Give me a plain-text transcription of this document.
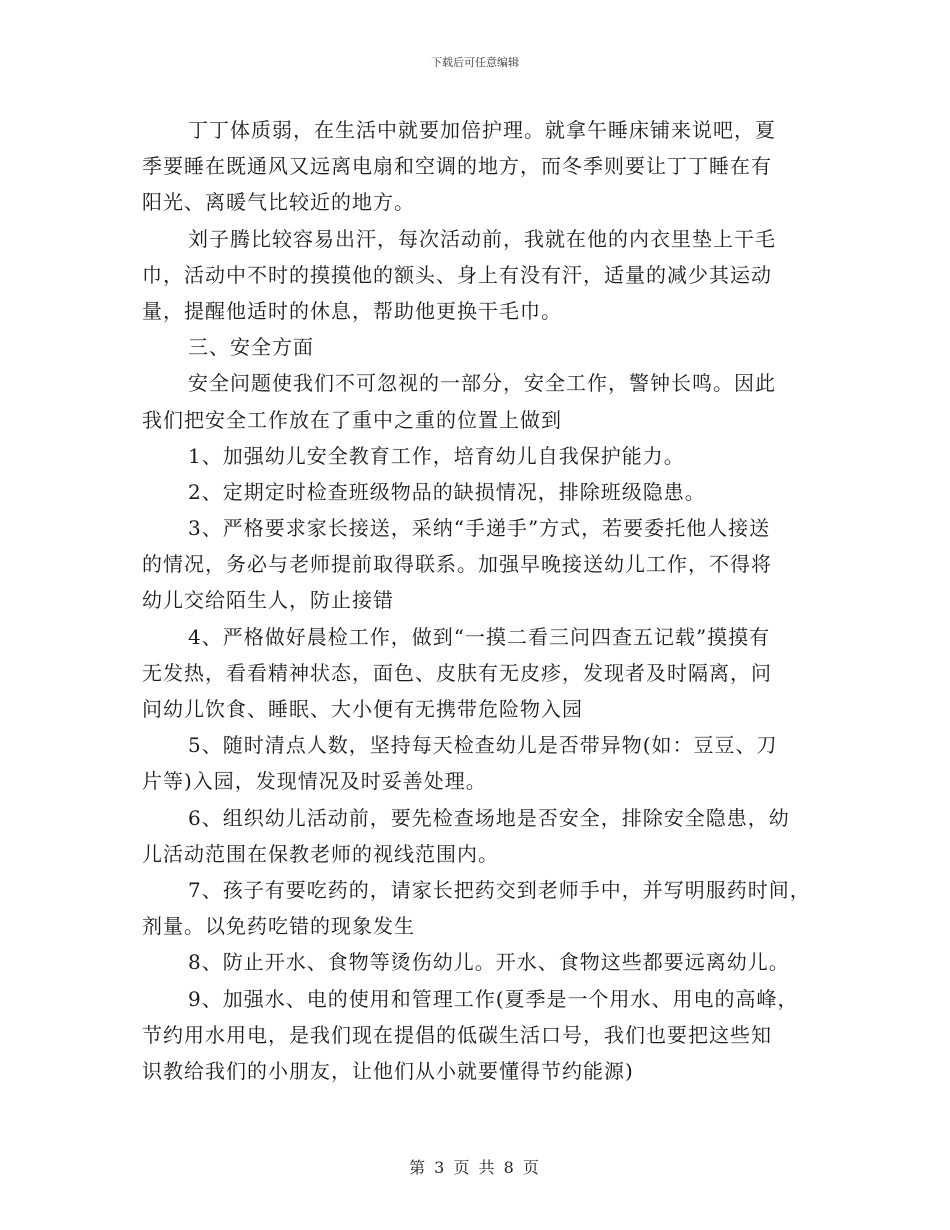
下载后可任意编辑
丁丁体质弱，在生活中就要加倍护理。就拿午睡床铺来说吧，夏
季要睡在既通风又远离电扇和空调的地方，而冬季则要让丁丁睡在有
阳光、离暖气比较近的地方。
刘子腾比较容易出汗，每次活动前，我就在他的内衣里垫上干毛
巾，活动中不时的摸摸他的额头、身上有没有汗，适量的减少其运动
量，提醒他适时的休息，帮助他更换干毛巾。
三、安全方面
安全问题使我们不可忽视的一部分，安全工作，警钟长鸣。因此
我们把安全工作放在了重中之重的位置上做到
1、加强幼儿安全教育工作，培育幼儿自我保护能力。
2、定期定时检查班级物品的缺损情况，排除班级隐患。
3、严格要求家长接送，采纳“手递手”方式，若要委托他人接送
的情况，务必与老师提前取得联系。加强早晚接送幼儿工作，不得将
幼儿交给陌生人，防止接错
4、严格做好晨检工作，做到“一摸二看三问四查五记载”摸摸有
无发热，看看精神状态，面色、皮肤有无皮疹，发现者及时隔离，问
问幼儿饮食、睡眠、大小便有无携带危险物入园
5、随时清点人数，坚持每天检查幼儿是否带异物(如：豆豆、刀
片等)入园，发现情况及时妥善处理。
6、组织幼儿活动前，要先检查场地是否安全，排除安全隐患，幼
儿活动范围在保教老师的视线范围内。
7、孩子有要吃药的，请家长把药交到老师手中，并写明服药时间，
剂量。以免药吃错的现象发生
8、防止开水、食物等烫伤幼儿。开水、食物这些都要远离幼儿。
9、加强水、电的使用和管理工作(夏季是一个用水、用电的高峰，
节约用水用电，是我们现在提倡的低碳生活口号，我们也要把这些知
识教给我们的小朋友，让他们从小就要懂得节约能源)
第 3 页 共 8 页
